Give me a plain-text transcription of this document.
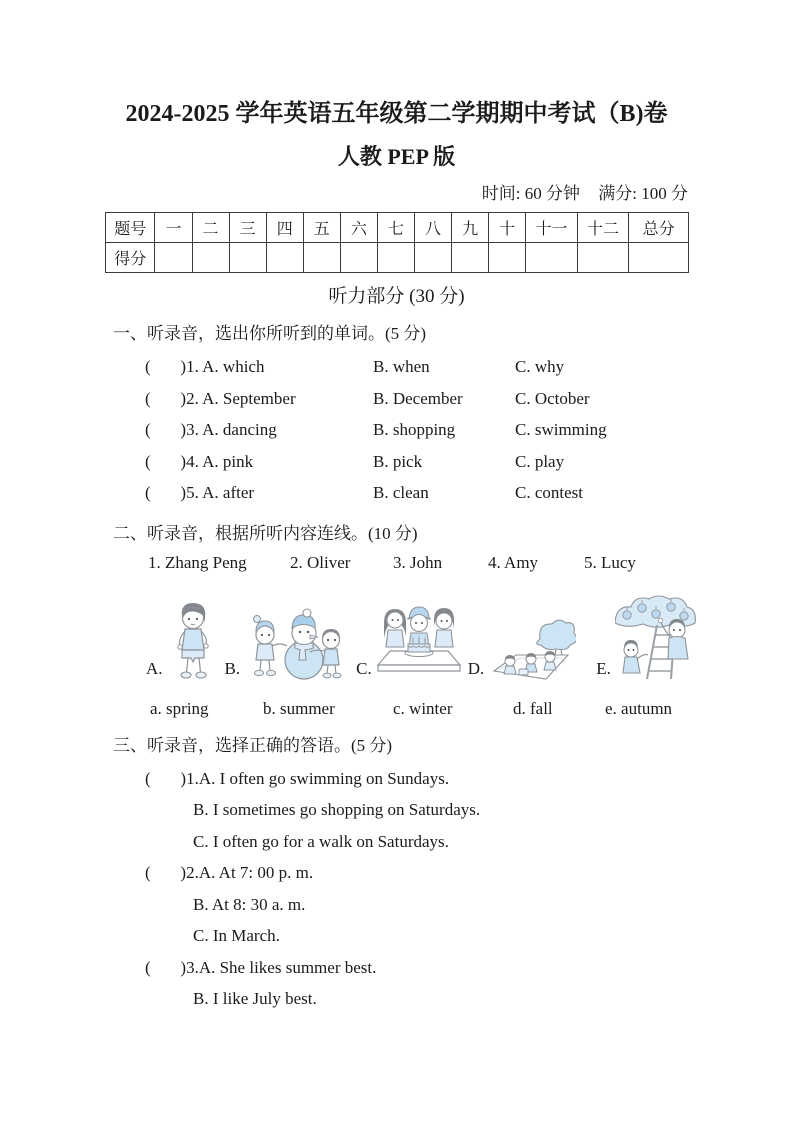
2024-2025 学年英语五年级第二学期期中考试（B)卷
人教 PEP 版
时间: 60 分钟 满分: 100 分
题号	一	二	三	四	五	六	七	八	九	十	十一	十二	总分
得分													
听力部分 (30 分)
一、听录音，选出你所听到的单词。(5 分)
(       )1. A. which	B. when	C. why
(       )2. A. September	B. December	C. October
(       )3. A. dancing	B. shopping	C. swimming
(       )4. A. pink	B. pick	C. play
(       )5. A. after	B. clean	C. contest
二、听录音，根据所听内容连线。(10 分)
1. Zhang Peng	2. Oliver	3. John	4. Amy	5. Lucy
A.	B.	C.	D.	E.
a. spring	b. summer	c. winter	d. fall	e. autumn
三、听录音，选择正确的答语。(5 分)
(       )1.A. I often go swimming on Sundays.
B. I sometimes go shopping on Saturdays.
C. I often go for a walk on Saturdays.
(       )2.A. At 7: 00 p. m.
B. At 8: 30 a. m.
C. In March.
(       )3.A. She likes summer best.
B. I like July best.
